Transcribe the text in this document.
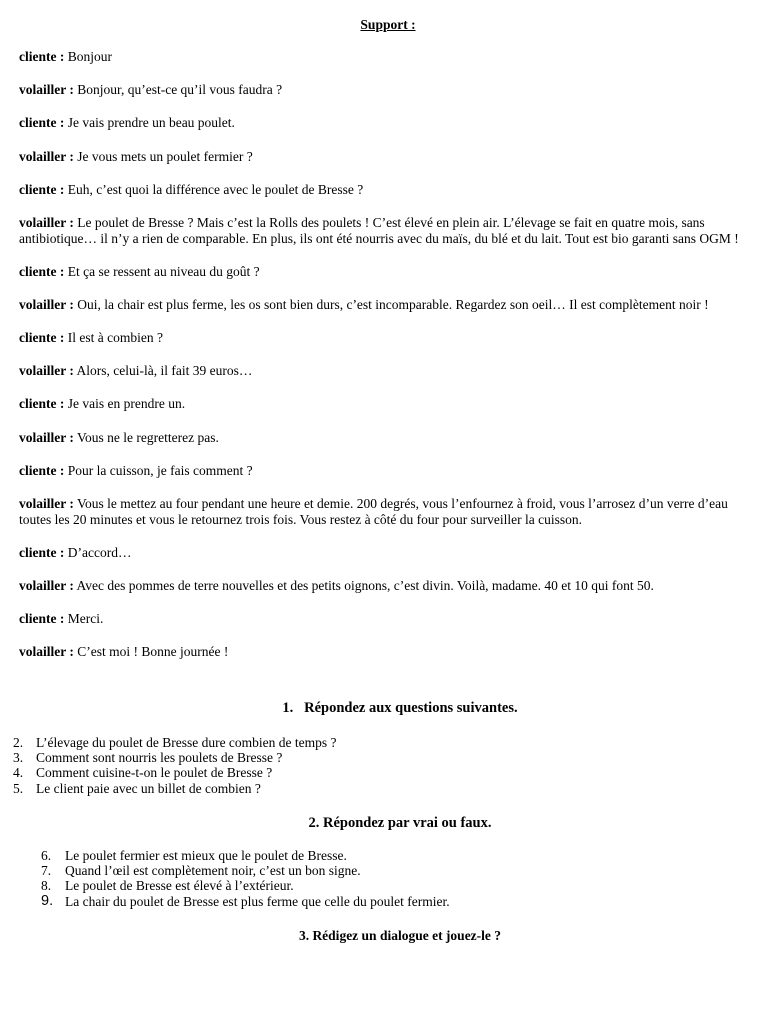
Support :

cliente : Bonjour

volailler : Bonjour, qu’est-ce qu’il vous faudra ?

cliente : Je vais prendre un beau poulet.

volailler : Je vous mets un poulet fermier ?

cliente : Euh, c’est quoi la différence avec le poulet de Bresse ?

volailler : Le poulet de Bresse ? Mais c’est la Rolls des poulets ! C’est élevé en plein air. L’élevage se fait en quatre mois, sans antibiotique… il n’y a rien de comparable. En plus, ils ont été nourris avec du maïs, du blé et du lait. Tout est bio garanti sans OGM !

cliente : Et ça se ressent au niveau du goût ?

volailler : Oui, la chair est plus ferme, les os sont bien durs, c’est incomparable. Regardez son oeil… Il est complètement noir !

cliente : Il est à combien ?

volailler : Alors, celui-là, il fait 39 euros…

cliente : Je vais en prendre un.

volailler : Vous ne le regretterez pas.

cliente : Pour la cuisson, je fais comment ?

volailler : Vous le mettez au four pendant une heure et demie. 200 degrés, vous l’enfournez à froid, vous l’arrosez d’un verre d’eau toutes les 20 minutes et vous le retournez trois fois. Vous restez à côté du four pour surveiller la cuisson.

cliente : D’accord…

volailler : Avec des pommes de terre nouvelles et des petits oignons, c’est divin. Voilà, madame. 40 et 10 qui font 50.

cliente : Merci.

volailler : C’est moi ! Bonne journée !

1.   Répondez aux questions suivantes.
2. L’élevage du poulet de Bresse dure combien de temps ?
3. Comment sont nourris les poulets de Bresse ?
4. Comment cuisine-t-on le poulet de Bresse ?
5. Le client paie avec un billet de combien ?
2. Répondez par vrai ou faux.
6. Le poulet fermier est mieux que le poulet de Bresse.
7. Quand l’œil est complètement noir, c’est un bon signe.
8. Le poulet de Bresse est élevé à l’extérieur.
9. La chair du poulet de Bresse est plus ferme que celle du poulet fermier.
3. Rédigez un dialogue et jouez-le ?
